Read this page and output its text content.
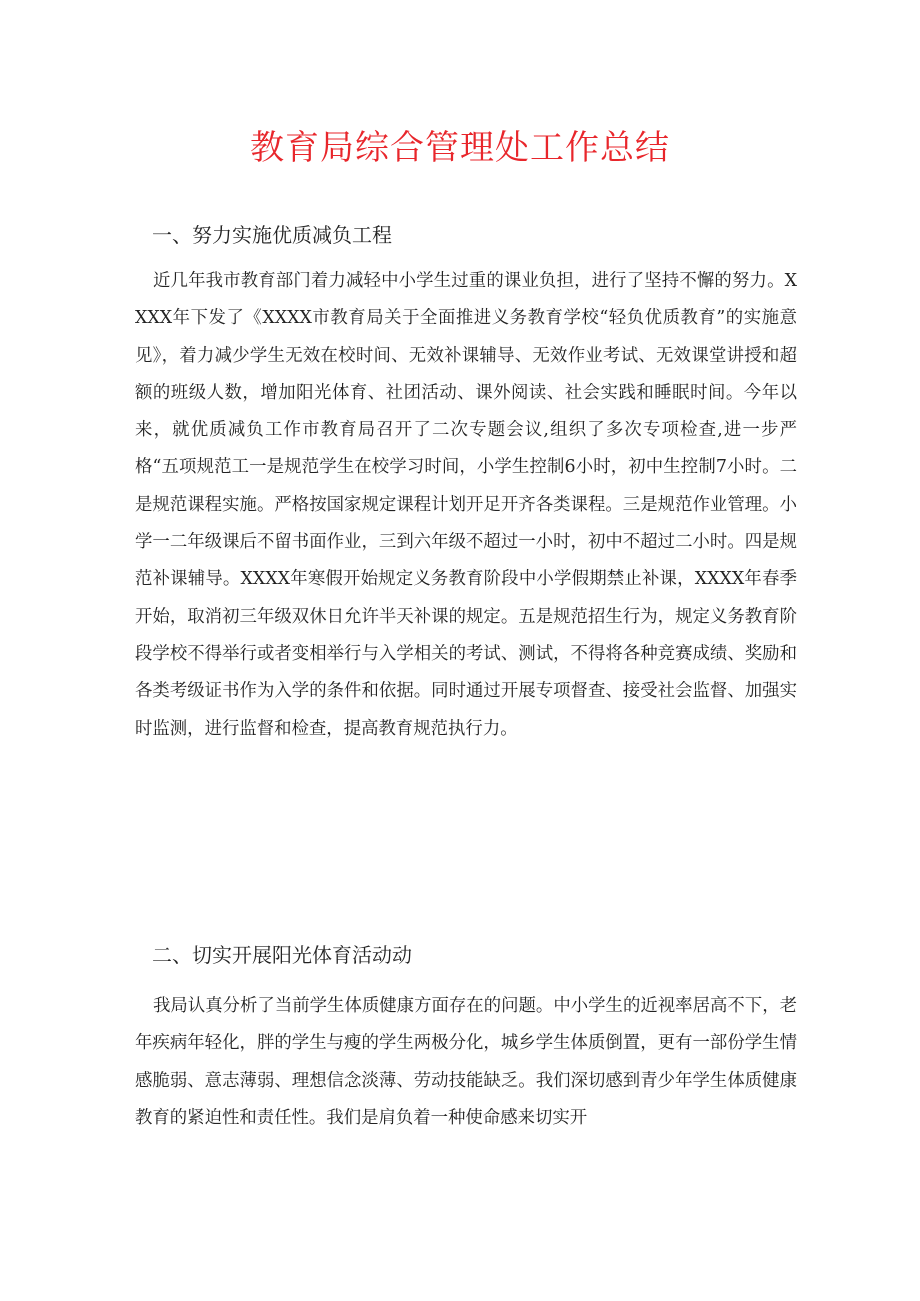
教育局综合管理处工作总结
一、努力实施优质减负工程
近几年我市教育部门着力减轻中小学生过重的课业负担，进行了坚持不懈的努力。XXXX年下发了《XXXX市教育局关于全面推进义务教育学校“轻负优质教育”的实施意见》，着力减少学生无效在校时间、无效补课辅导、无效作业考试、无效课堂讲授和超额的班级人数，增加阳光体育、社团活动、课外阅读、社会实践和睡眠时间。今年以来，就优质减负工作市教育局召开了二次专题会议,组织了多次专项检查,进一步严格“五项规范工一是规范学生在校学习时间，小学生控制6小时，初中生控制7小时。二是规范课程实施。严格按国家规定课程计划开足开齐各类课程。三是规范作业管理。小学一二年级课后不留书面作业，三到六年级不超过一小时，初中不超过二小时。四是规范补课辅导。XXXX年寒假开始规定义务教育阶段中小学假期禁止补课，XXXX年春季开始，取消初三年级双休日允许半天补课的规定。五是规范招生行为，规定义务教育阶段学校不得举行或者变相举行与入学相关的考试、测试，不得将各种竞赛成绩、奖励和各类考级证书作为入学的条件和依据。同时通过开展专项督查、接受社会监督、加强实时监测，进行监督和检查，提高教育规范执行力。
二、切实开展阳光体育活动动
我局认真分析了当前学生体质健康方面存在的问题。中小学生的近视率居高不下，老年疾病年轻化，胖的学生与瘦的学生两极分化，城乡学生体质倒置，更有一部份学生情感脆弱、意志薄弱、理想信念淡薄、劳动技能缺乏。我们深切感到青少年学生体质健康教育的紧迫性和责任性。我们是肩负着一种使命感来切实开
